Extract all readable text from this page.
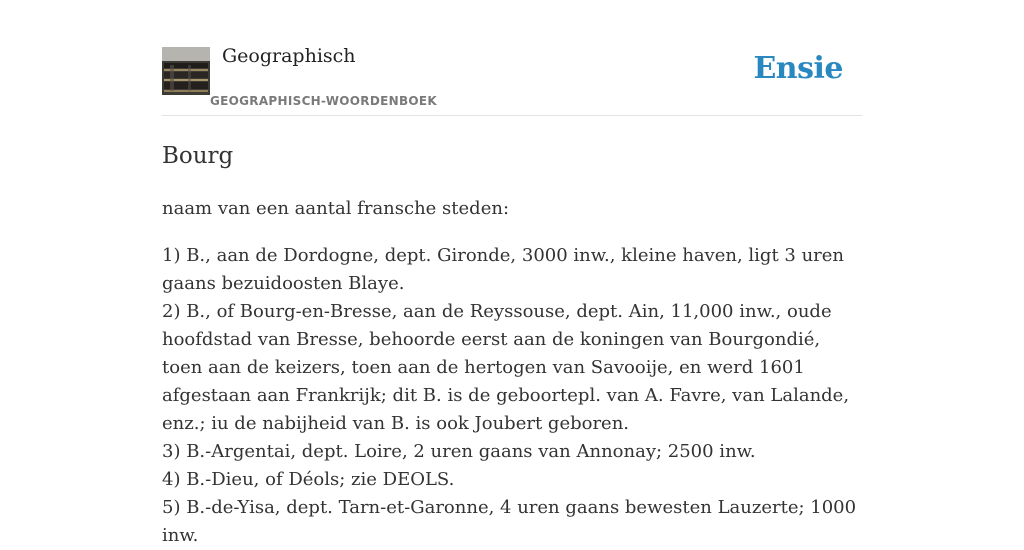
Geographisch
GEOGRAPHISCH-WOORDENBOEK
Ensie
Bourg

naam van een aantal fransche steden:

1) B., aan de Dordogne, dept. Gironde, 3000 inw., kleine haven, ligt 3 uren gaans bezuidoosten Blaye.

2) B., of Bourg-en-Bresse, aan de Reyssouse, dept. Ain, 11,000 inw., oude hoofdstad van Bresse, behoorde eerst aan de koningen van Bourgondié, toen aan de keizers, toen aan de hertogen van Savooije, en werd 1601 afgestaan aan Frankrijk; dit B. is de geboortepl. van A. Favre, van Lalande, enz.; iu de nabijheid van B. is ook Joubert geboren.

3) B.-Argentai, dept. Loire, 2 uren gaans van Annonay; 2500 inw.

4) B.-Dieu, of Déols; zie DEOLS.

5) B.-de-Yisa, dept. Tarn-et-Garonne, 4 uren gaans bewesten Lauzerte; 1000 inw.
